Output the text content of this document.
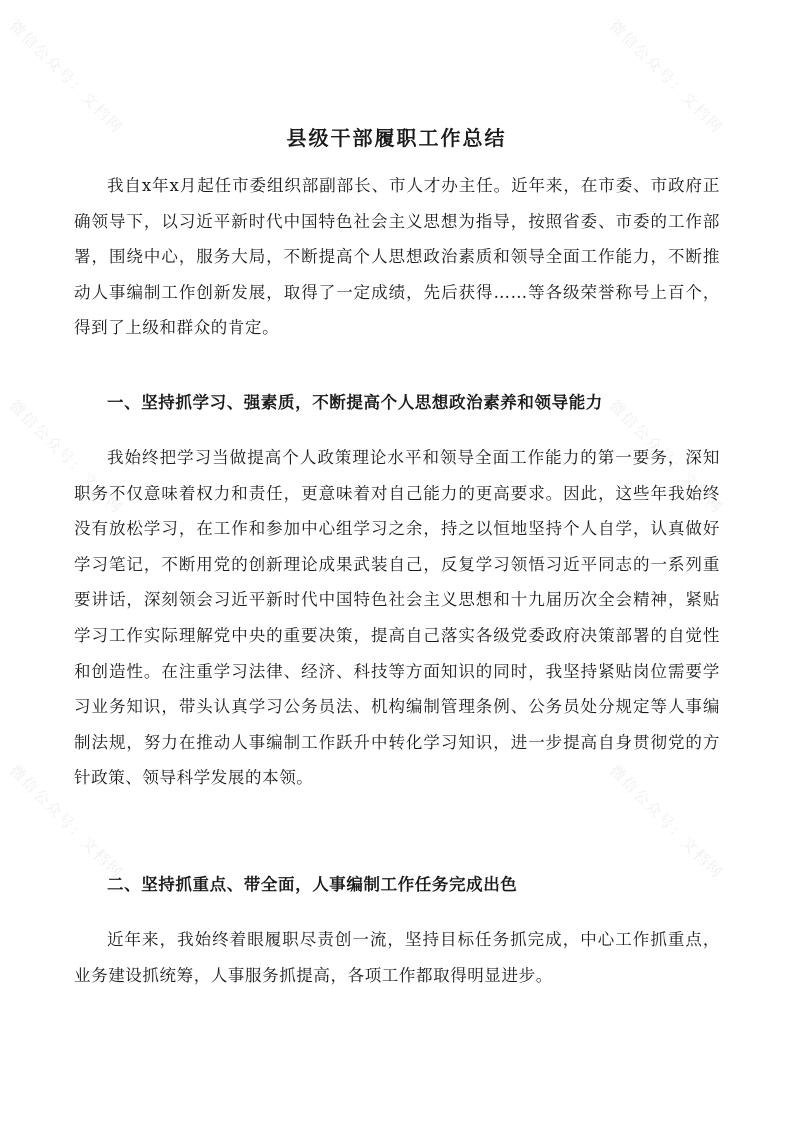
微信公众号：文档网	微信公众号：文档网
微信公众号：文档网	微信公众号：文档网
微信公众号：文档网	微信公众号：文档网
县级干部履职工作总结
我自x年x月起任市委组织部副部长、市人才办主任。近年来，在市委、市政府正确领导下，以习近平新时代中国特色社会主义思想为指导，按照省委、市委的工作部署，围绕中心，服务大局，不断提高个人思想政治素质和领导全面工作能力，不断推动人事编制工作创新发展，取得了一定成绩，先后获得……等各级荣誉称号上百个，得到了上级和群众的肯定。
一、坚持抓学习、强素质，不断提高个人思想政治素养和领导能力
我始终把学习当做提高个人政策理论水平和领导全面工作能力的第一要务，深知职务不仅意味着权力和责任，更意味着对自己能力的更高要求。因此，这些年我始终没有放松学习，在工作和参加中心组学习之余，持之以恒地坚持个人自学，认真做好学习笔记，不断用党的创新理论成果武装自己，反复学习领悟习近平同志的一系列重要讲话，深刻领会习近平新时代中国特色社会主义思想和十九届历次全会精神，紧贴学习工作实际理解党中央的重要决策，提高自己落实各级党委政府决策部署的自觉性和创造性。在注重学习法律、经济、科技等方面知识的同时，我坚持紧贴岗位需要学习业务知识，带头认真学习公务员法、机构编制管理条例、公务员处分规定等人事编制法规，努力在推动人事编制工作跃升中转化学习知识，进一步提高自身贯彻党的方针政策、领导科学发展的本领。
二、坚持抓重点、带全面，人事编制工作任务完成出色
近年来，我始终着眼履职尽责创一流，坚持目标任务抓完成，中心工作抓重点，业务建设抓统筹，人事服务抓提高，各项工作都取得明显进步。
